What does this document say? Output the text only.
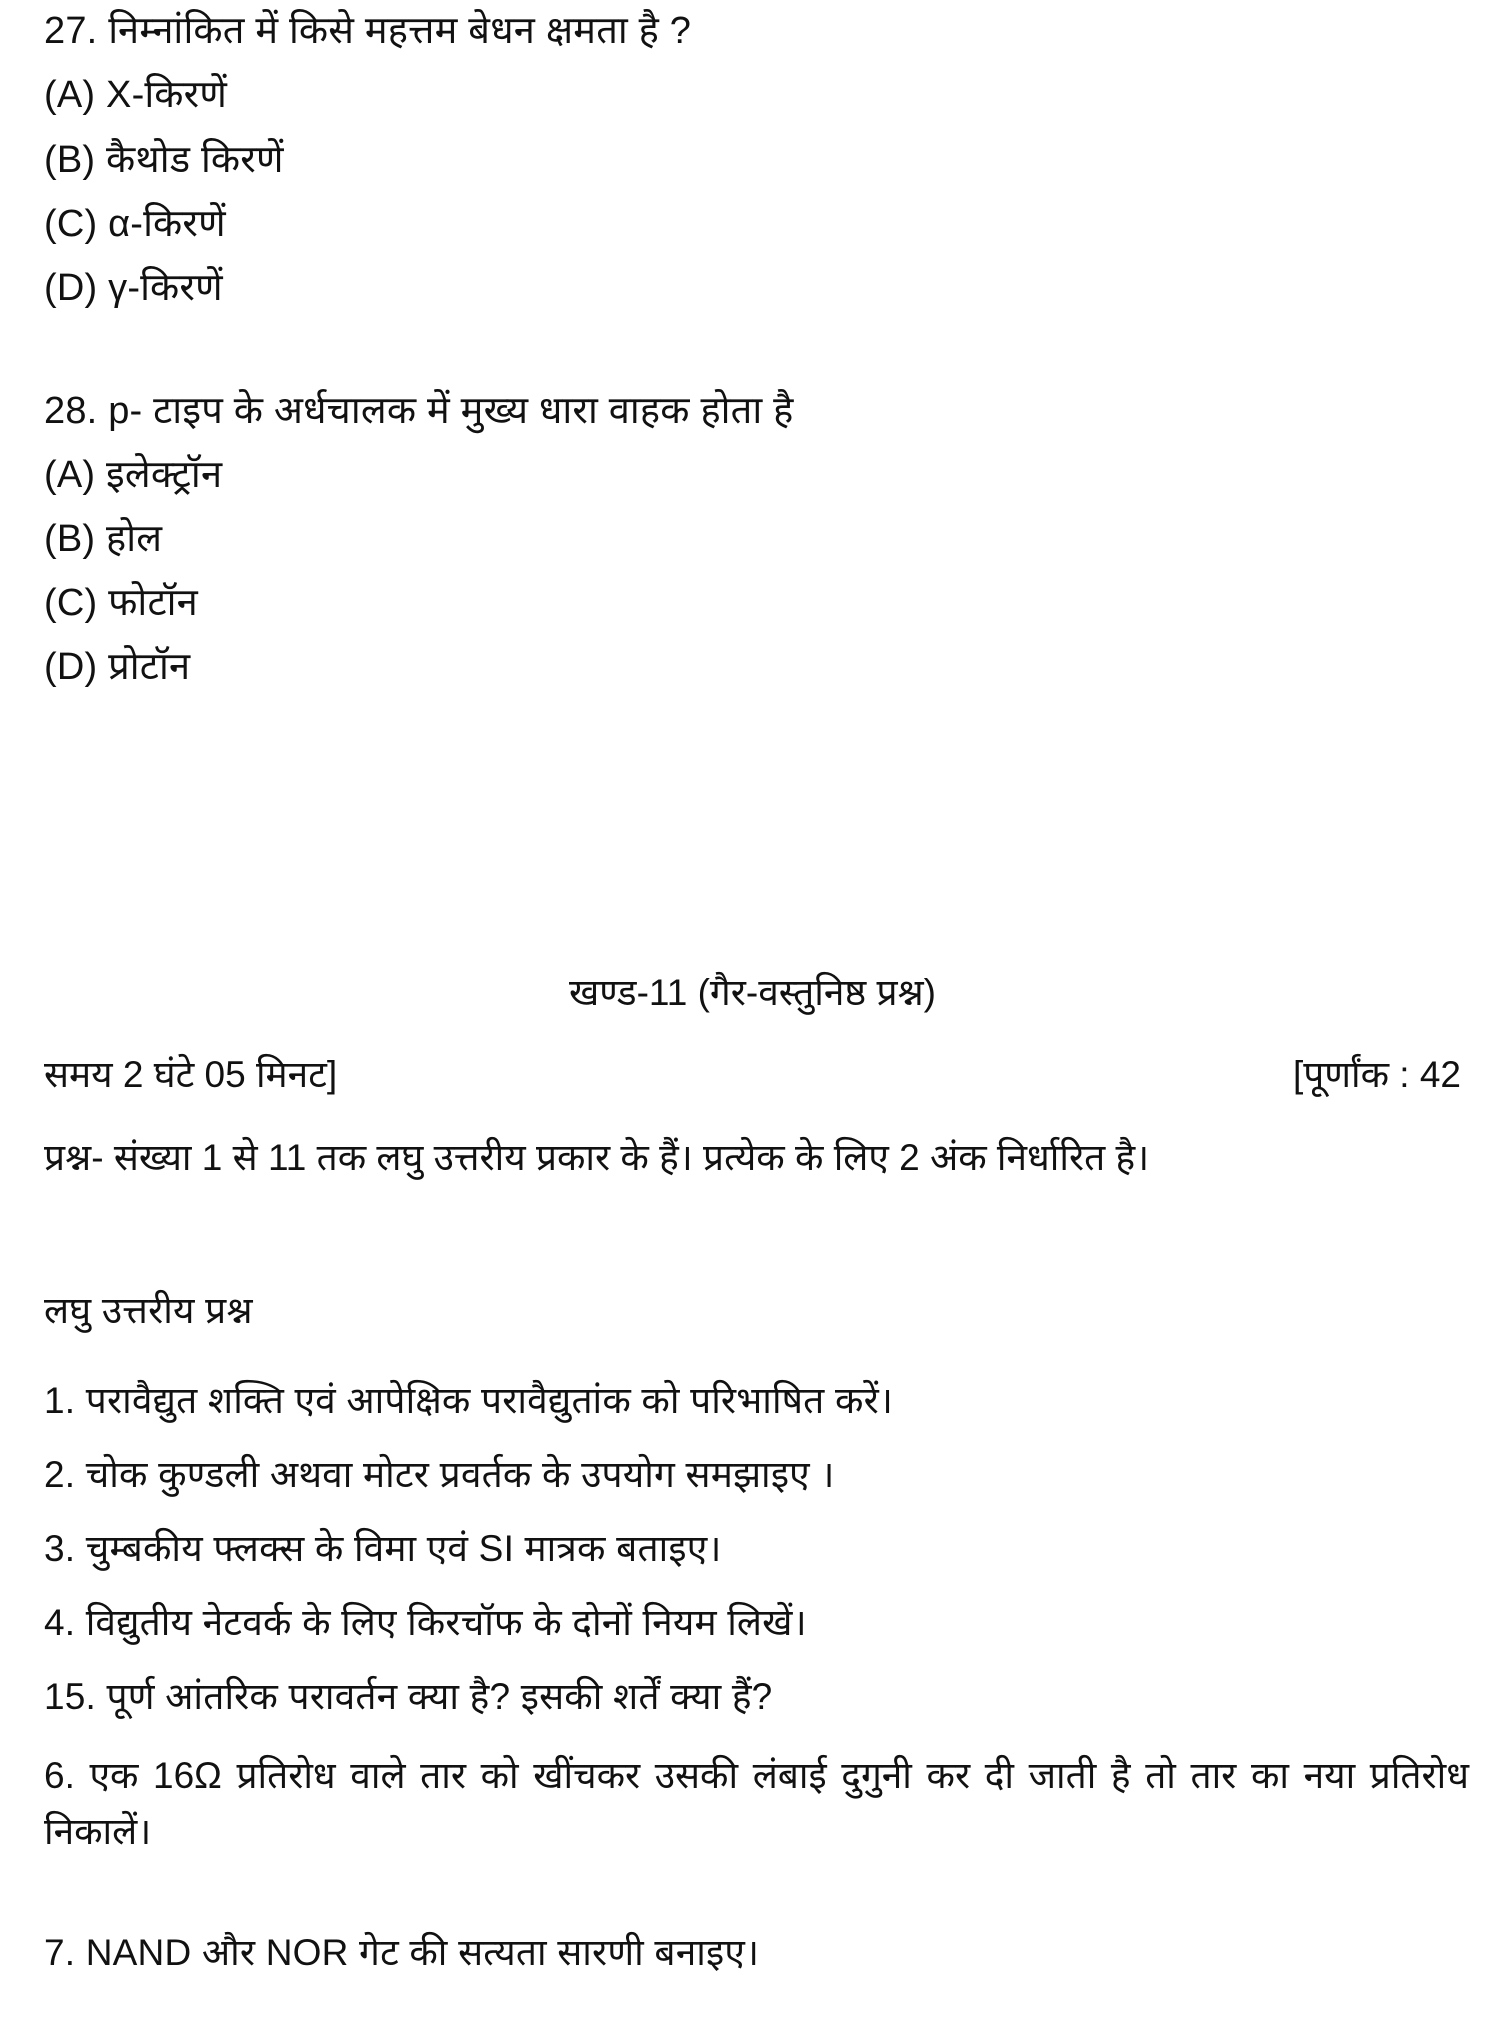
27. निम्नांकित में किसे महत्तम बेधन क्षमता है ?
(A) X-किरणें
(B) कैथोड किरणें
(C) α-किरणें
(D) γ-किरणें
28. p- टाइप के अर्धचालक में मुख्य धारा वाहक होता है
(A) इलेक्ट्रॉन
(B) होल
(C) फोटॉन
(D) प्रोटॉन
खण्ड-11 (गैर-वस्तुनिष्ठ प्रश्न)
समय 2 घंटे 05 मिनट]	[पूर्णांक : 42
प्रश्न- संख्या 1 से 11 तक लघु उत्तरीय प्रकार के हैं। प्रत्येक के लिए 2 अंक निर्धारित है।
लघु उत्तरीय प्रश्न
1. परावैद्युत शक्ति एवं आपेक्षिक परावैद्युतांक को परिभाषित करें।
2. चोक कुण्डली अथवा मोटर प्रवर्तक के उपयोग समझाइए ।
3. चुम्बकीय फ्लक्स के विमा एवं SI मात्रक बताइए।
4. विद्युतीय नेटवर्क के लिए किरचॉफ के दोनों नियम लिखें।
15. पूर्ण आंतरिक परावर्तन क्या है? इसकी शर्तें क्या हैं?
6. एक 16Ω प्रतिरोध वाले तार को खींचकर उसकी लंबाई दुगुनी कर दी जाती है तो तार का नया प्रतिरोध निकालें।
7. NAND और NOR गेट की सत्यता सारणी बनाइए।
